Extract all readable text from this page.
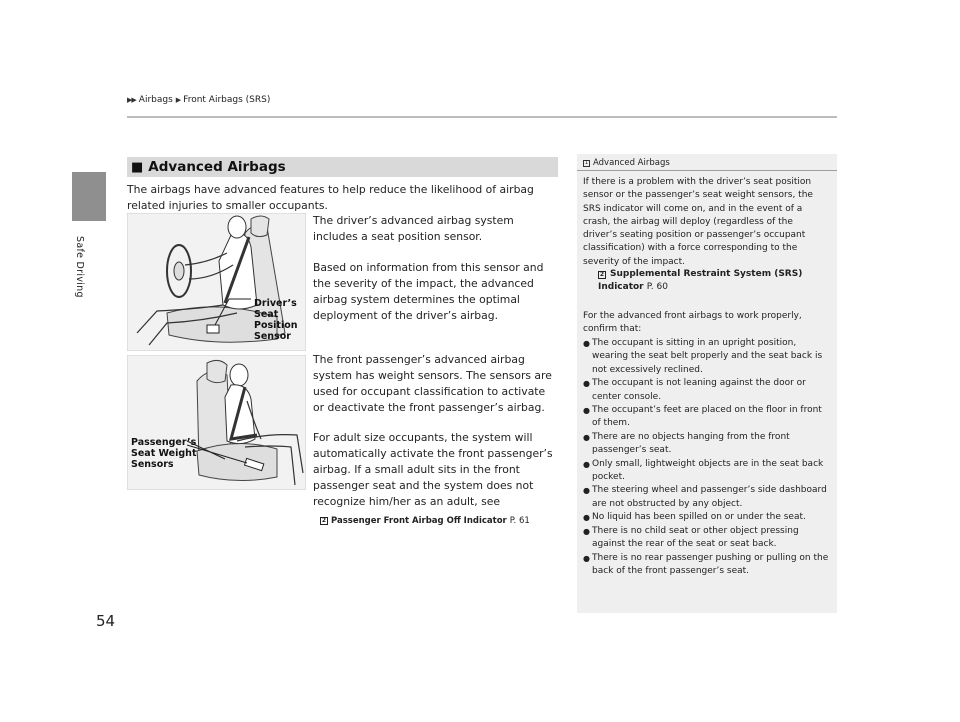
Safe Driving
54
▶▶ Airbags ▶ Front Airbags (SRS)
■ Advanced Airbags

The airbags have advanced features to help reduce the likelihood of airbag related injuries to smaller occupants.

Driver’s Seat Position Sensor
Passenger’s Seat Weight Sensors

The driver’s advanced airbag system includes a seat position sensor.

Based on information from this sensor and the severity of the impact, the advanced airbag system determines the optimal deployment of the driver’s airbag.

The front passenger’s advanced airbag system has weight sensors. The sensors are used for occupant classification to activate or deactivate the front passenger’s airbag.

For adult size occupants, the system will automatically activate the front passenger’s airbag. If a small adult sits in the front passenger seat and the system does not recognize him/her as an adult, see

2 Passenger Front Airbag Off Indicator P. 61
1 Advanced Airbags

If there is a problem with the driver’s seat position sensor or the passenger’s seat weight sensors, the SRS indicator will come on, and in the event of a crash, the airbag will deploy (regardless of the driver’s seating position or passenger’s occupant classification) with a force corresponding to the severity of the impact.

2 Supplemental Restraint System (SRS) Indicator P. 60

For the advanced front airbags to work properly, confirm that:

● The occupant is sitting in an upright position, wearing the seat belt properly and the seat back is not excessively reclined.
● The occupant is not leaning against the door or center console.
● The occupant’s feet are placed on the floor in front of them.
● There are no objects hanging from the front passenger’s seat.
● Only small, lightweight objects are in the seat back pocket.
● The steering wheel and passenger’s side dashboard are not obstructed by any object.
● No liquid has been spilled on or under the seat.
● There is no child seat or other object pressing against the rear of the seat or seat back.
● There is no rear passenger pushing or pulling on the back of the front passenger’s seat.
